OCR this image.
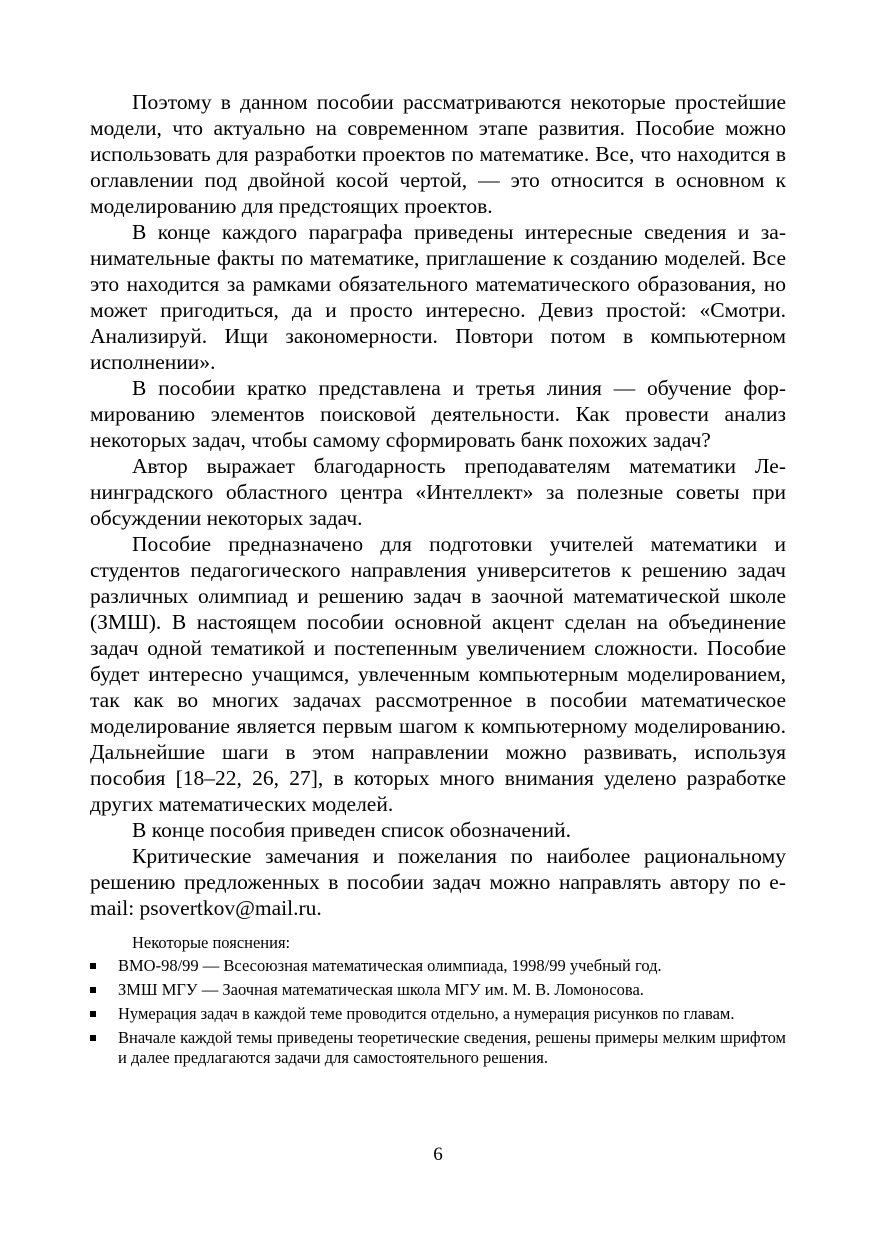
Поэтому в данном пособии рассматриваются некоторые простейшие модели, что актуально на современном этапе развития. Пособие можно использовать для разработки проектов по математике. Все, что находится в оглавлении под двойной косой чертой, — это относится в основном к моделированию для предстоящих проектов.

В конце каждого параграфа приведены интересные сведения и занимательные факты по математике, приглашение к созданию моделей. Все это находится за рамками обязательного математического образования, но может пригодиться, да и просто интересно. Девиз простой: «Смотри. Анализируй. Ищи закономерности. Повтори потом в компьютерном исполнении».

В пособии кратко представлена и третья линия — обучение формированию элементов поисковой деятельности. Как провести анализ некоторых задач, чтобы самому сформировать банк похожих задач?

Автор выражает благодарность преподавателям математики Ленинградского областного центра «Интеллект» за полезные советы при обсуждении некоторых задач.

Пособие предназначено для подготовки учителей математики и студентов педагогического направления университетов к решению задач различных олимпиад и решению задач в заочной математической школе (ЗМШ). В настоящем пособии основной акцент сделан на объединение задач одной тематикой и постепенным увеличением сложности. Пособие будет интересно учащимся, увлеченным компьютерным моделированием, так как во многих задачах рассмотренное в пособии математическое моделирование является первым шагом к компьютерному моделированию. Дальнейшие шаги в этом направлении можно развивать, используя пособия [18–22, 26, 27], в которых много внимания уделено разработке других математических моделей.

В конце пособия приведен список обозначений.

Критические замечания и пожелания по наиболее рациональному решению предложенных в пособии задач можно направлять автору по e-mail: psovertkov@mail.ru.

Некоторые пояснения:

ВМО-98/99 — Всесоюзная математическая олимпиада, 1998/99 учебный год.
ЗМШ МГУ — Заочная математическая школа МГУ им. М. В. Ломоносова.
Нумерация задач в каждой теме проводится отдельно, а нумерация рисунков по главам.
Вначале каждой темы приведены теоретические сведения, решены примеры мелким шрифтом и далее предлагаются задачи для самостоятельного решения.
6
